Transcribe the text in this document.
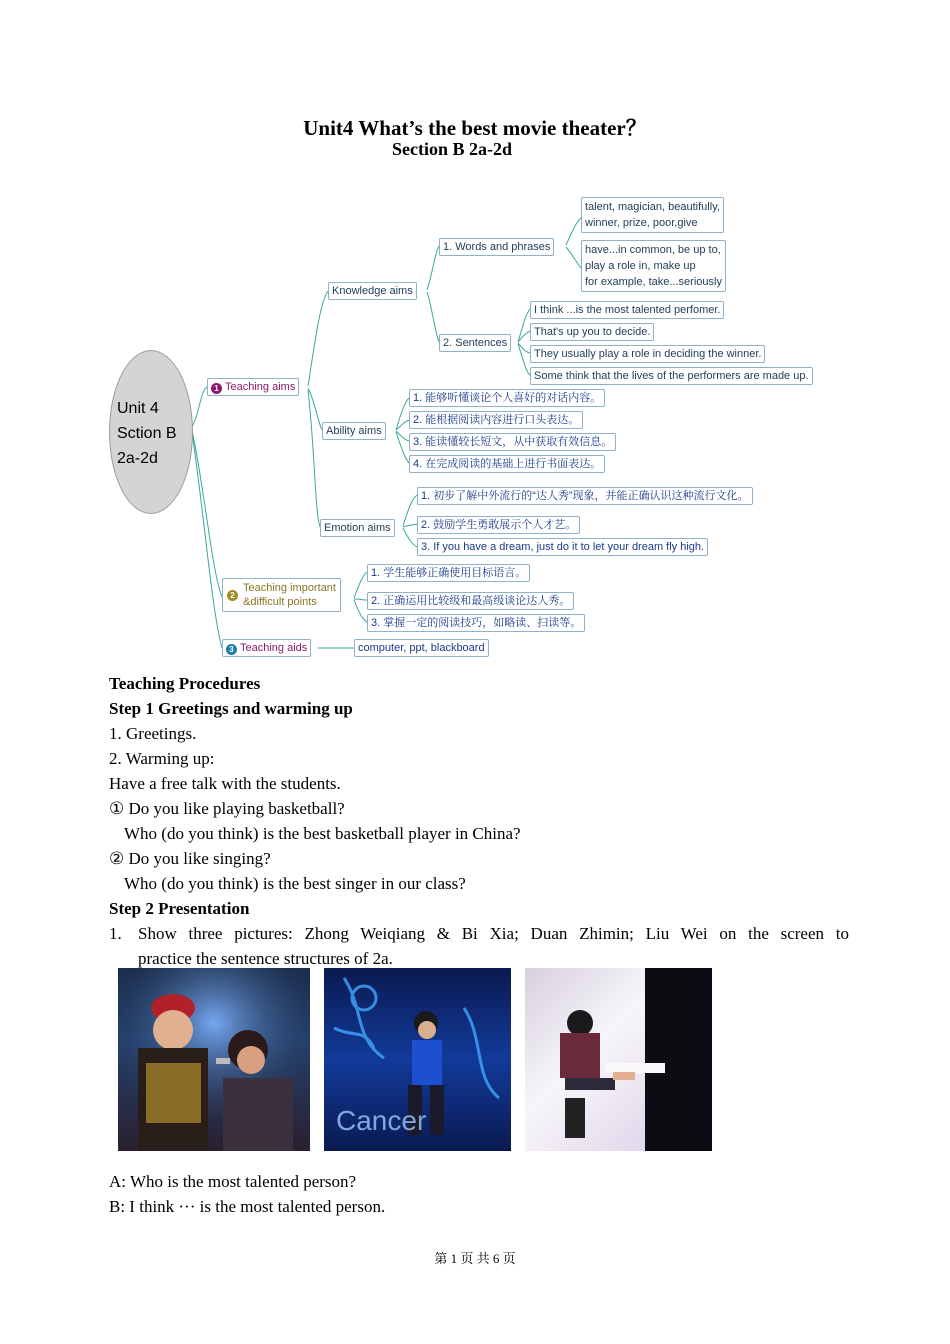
Unit4 What’s the best movie theater？
Section B 2a-2d
Unit 4
Sction B
2a-2d
1 Teaching aims
Knowledge aims
1. Words and phrases
talent, magician, beautifully,
winner, prize, poor,give
have...in common, be up to,
play a role in, make up
for example, take...seriously
2. Sentences
I think ...is the most talented perfomer.
That's up you to decide.
They usually play a role in deciding the winner.
Some think that the lives of the performers are made up.
Ability aims
1. 能够听懂谈论个人喜好的对话内容。
2. 能根据阅读内容进行口头表达。
3. 能读懂较长短文，从中获取有效信息。
4. 在完成阅读的基础上进行书面表达。
Emotion aims
1. 初步了解中外流行的“达人秀”现象，并能正确认识这种流行文化。
2. 鼓励学生勇敢展示个人才艺。
3. If you have a dream, just do it to let your dream fly high.
2
Teaching important
&difficult points
1. 学生能够正确使用目标语言。
2. 正确运用比较级和最高级谈论达人秀。
3. 掌握一定的阅读技巧，如略读、扫读等。
3 Teaching aids	computer, ppt, blackboard
Teaching Procedures
Step 1 Greetings and warming up
1. Greetings.
2. Warming up:
Have a free talk with the students.
① Do you like playing basketball?
Who (do you think) is the best basketball player in China?
② Do you like singing?
Who (do you think) is the best singer in our class?
Step 2 Presentation
1. Show three pictures: Zhong Weiqiang & Bi Xia; Duan Zhimin; Liu Wei on the screen to
practice the sentence structures of 2a.
Cancer
A: Who is the most talented person?
B: I think ··· is the most talented person.
第 1 页 共 6 页
